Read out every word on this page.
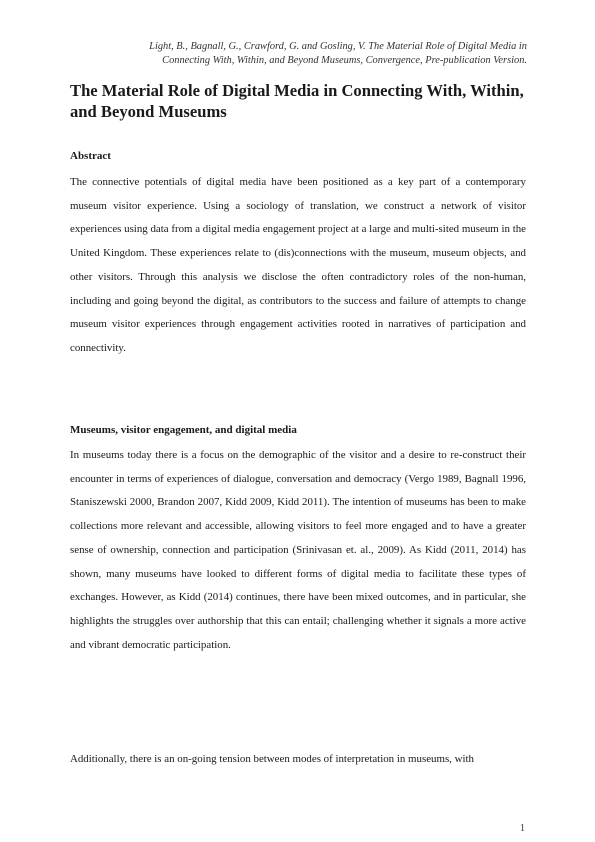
Light, B., Bagnall, G., Crawford, G. and Gosling, V. The Material Role of Digital Media in
Connecting With, Within, and Beyond Museums, Convergence, Pre-publication Version.
The Material Role of Digital Media in Connecting With, Within, and Beyond Museums
Abstract

The connective potentials of digital media have been positioned as a key part of a contemporary museum visitor experience. Using a sociology of translation, we construct a network of visitor experiences using data from a digital media engagement project at a large and multi-sited museum in the United Kingdom. These experiences relate to (dis)connections with the museum, museum objects, and other visitors. Through this analysis we disclose the often contradictory roles of the non-human, including and going beyond the digital, as contributors to the success and failure of attempts to change museum visitor experiences through engagement activities rooted in narratives of participation and connectivity.

Museums, visitor engagement, and digital media

In museums today there is a focus on the demographic of the visitor and a desire to re-construct their encounter in terms of experiences of dialogue, conversation and democracy (Vergo 1989, Bagnall 1996, Staniszewski 2000, Brandon 2007, Kidd 2009, Kidd 2011). The intention of museums has been to make collections more relevant and accessible, allowing visitors to feel more engaged and to have a greater sense of ownership, connection and participation (Srinivasan et. al., 2009). As Kidd (2011, 2014) has shown, many museums have looked to different forms of digital media to facilitate these types of exchanges. However, as Kidd (2014) continues, there have been mixed outcomes, and in particular, she highlights the struggles over authorship that this can entail; challenging whether it signals a more active and vibrant democratic participation.

Additionally, there is an on-going tension between modes of interpretation in museums, with

1
